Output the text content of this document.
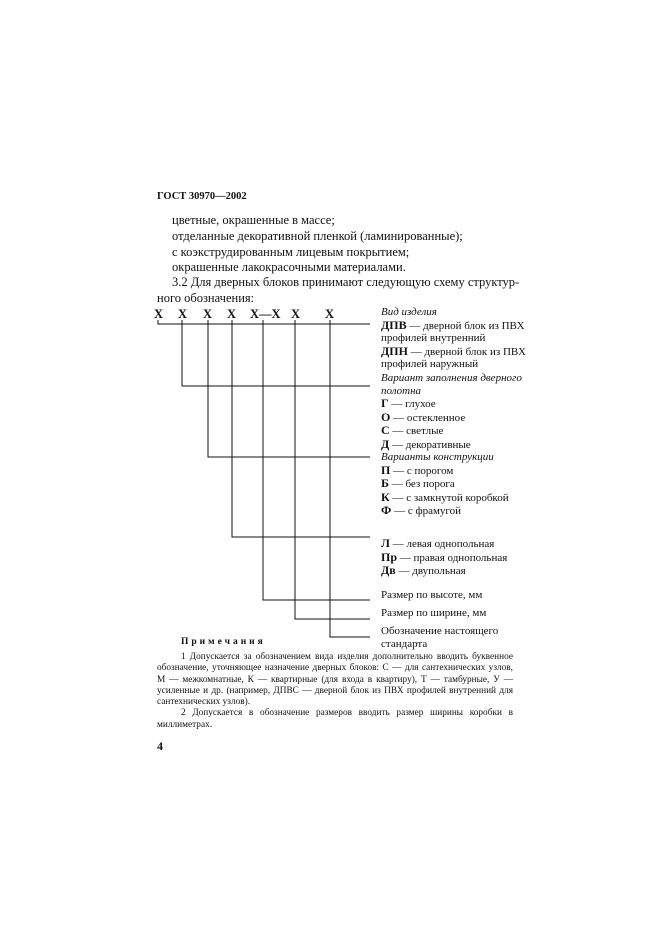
ГОСТ 30970—2002
цветные, окрашенные в массе;
отделанные декоративной пленкой (ламинированные);
с коэкструдированным лицевым покрытием;
окрашенные лакокрасочными материалами.
3.2 Для дверных блоков принимают следующую схему структур-
ного обозначения:
X X X X X—X X X	Вид изделия
ДПВ — дверной блок из ПВХ
профилей внутренний
ДПН — дверной блок из ПВХ
профилей наружный
Вариант заполнения дверного
полотна
Г — глухое
О — остекленное
С — светлые
Д — декоративные
Варианты конструкции
П — с порогом
Б — без порога
К — с замкнутой коробкой
Ф — с фрамугой
Л — левая однопольная
Пр — правая однопольная
Дв — двупольная
Размер по высоте, мм
Размер по ширине, мм
Обозначение настоящего
стандарта
Примечания

1 Допускается за обозначением вида изделия дополнительно вводить буквенное обозначение, уточняющее назначение дверных блоков: С — для сантехнических узлов, М — межкомнатные, К — квартирные (для входа в квартиру), Т — тамбурные, У — усиленные и др. (например, ДПВС — дверной блок из ПВХ профилей внутренний для сантехнических узлов).

2 Допускается в обозначение размеров вводить размер ширины коробки в миллиметрах.

4
